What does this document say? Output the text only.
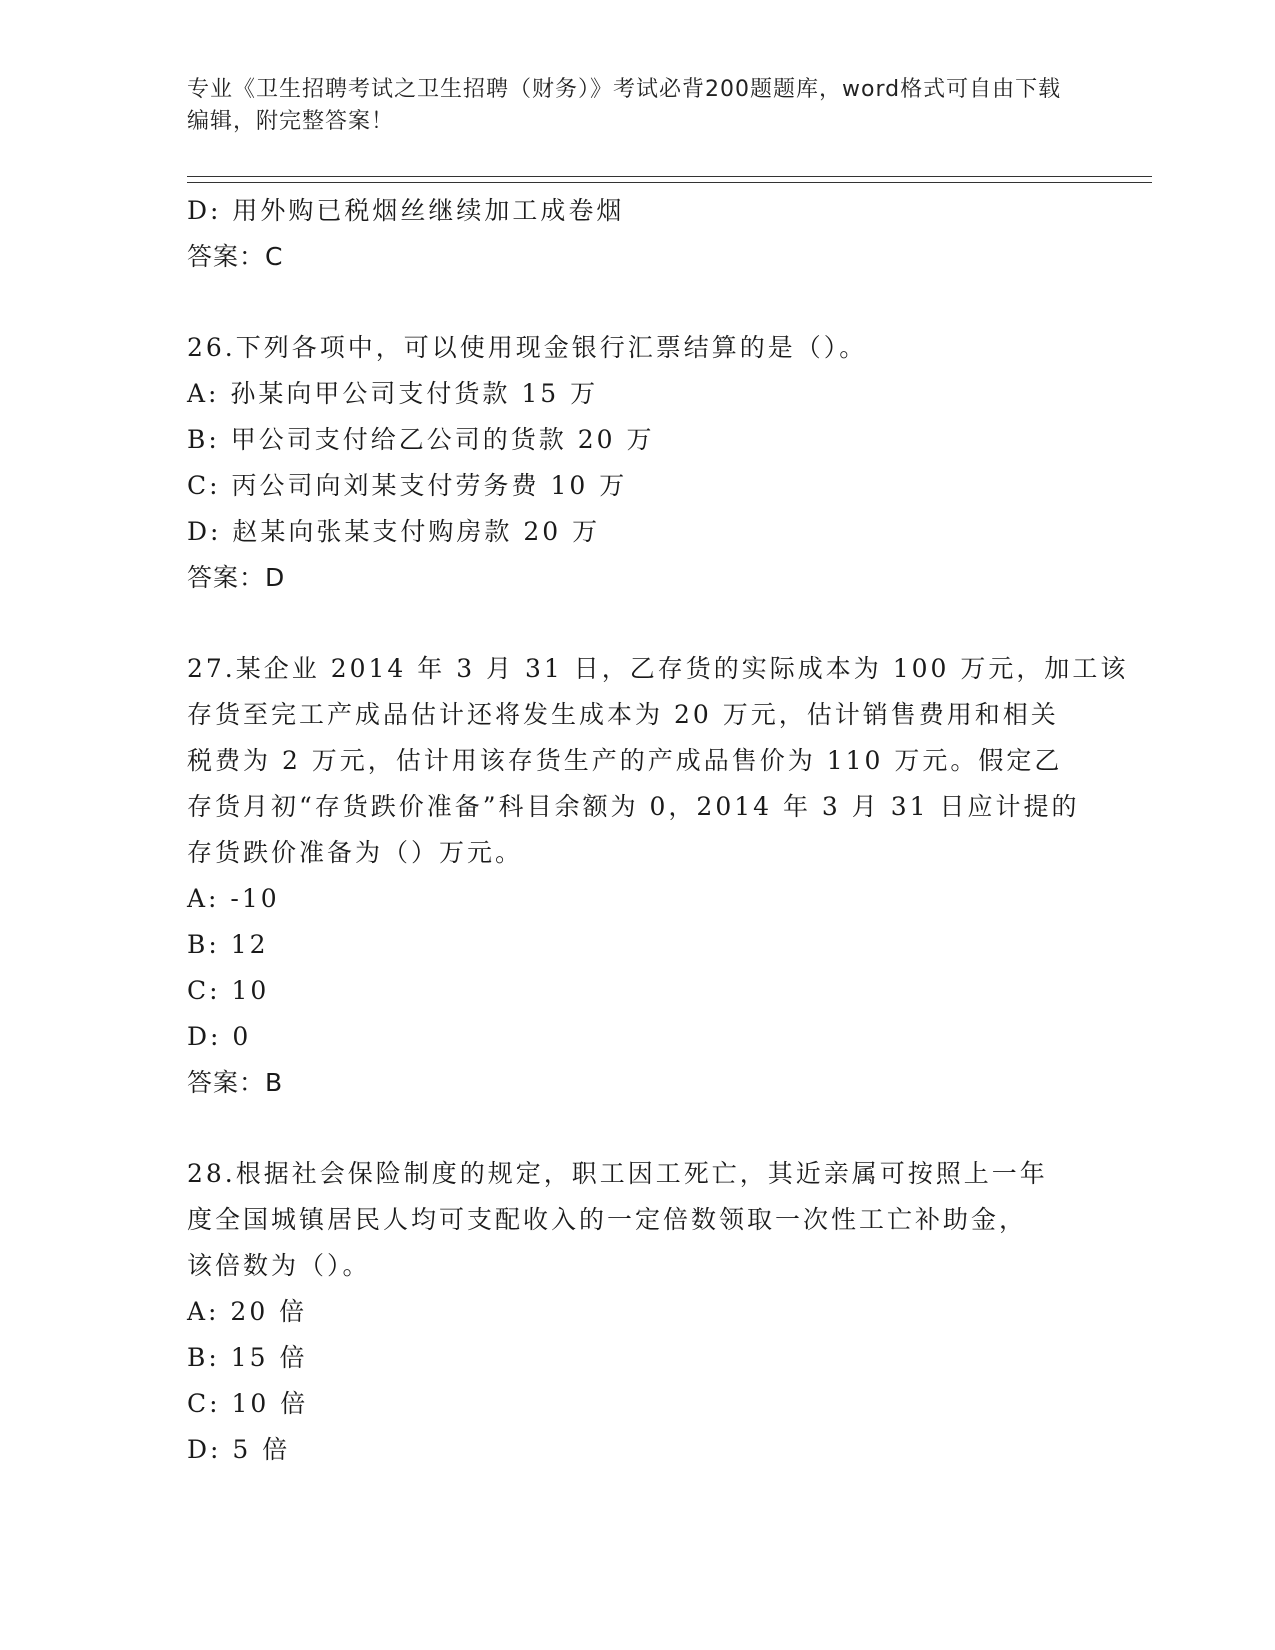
专业《卫生招聘考试之卫生招聘（财务）》考试必背200题题库，word格式可自由下载编辑，附完整答案！
D: 用外购已税烟丝继续加工成卷烟
答案：C
26.下列各项中，可以使用现金银行汇票结算的是（）。
A: 孙某向甲公司支付货款 15 万
B: 甲公司支付给乙公司的货款 20 万
C: 丙公司向刘某支付劳务费 10 万
D: 赵某向张某支付购房款 20 万
答案：D
27.某企业 2014 年 3 月 31 日，乙存货的实际成本为 100 万元，加工该
存货至完工产成品估计还将发生成本为 20 万元，估计销售费用和相关
税费为 2 万元，估计用该存货生产的产成品售价为 110 万元。假定乙
存货月初“存货跌价准备”科目余额为 0，2014 年 3 月 31 日应计提的
存货跌价准备为（）万元。
A: -10
B: 12
C: 10
D: 0
答案：B
28.根据社会保险制度的规定，职工因工死亡，其近亲属可按照上一年
度全国城镇居民人均可支配收入的一定倍数领取一次性工亡补助金，
该倍数为（）。
A: 20 倍
B: 15 倍
C: 10 倍
D: 5 倍
